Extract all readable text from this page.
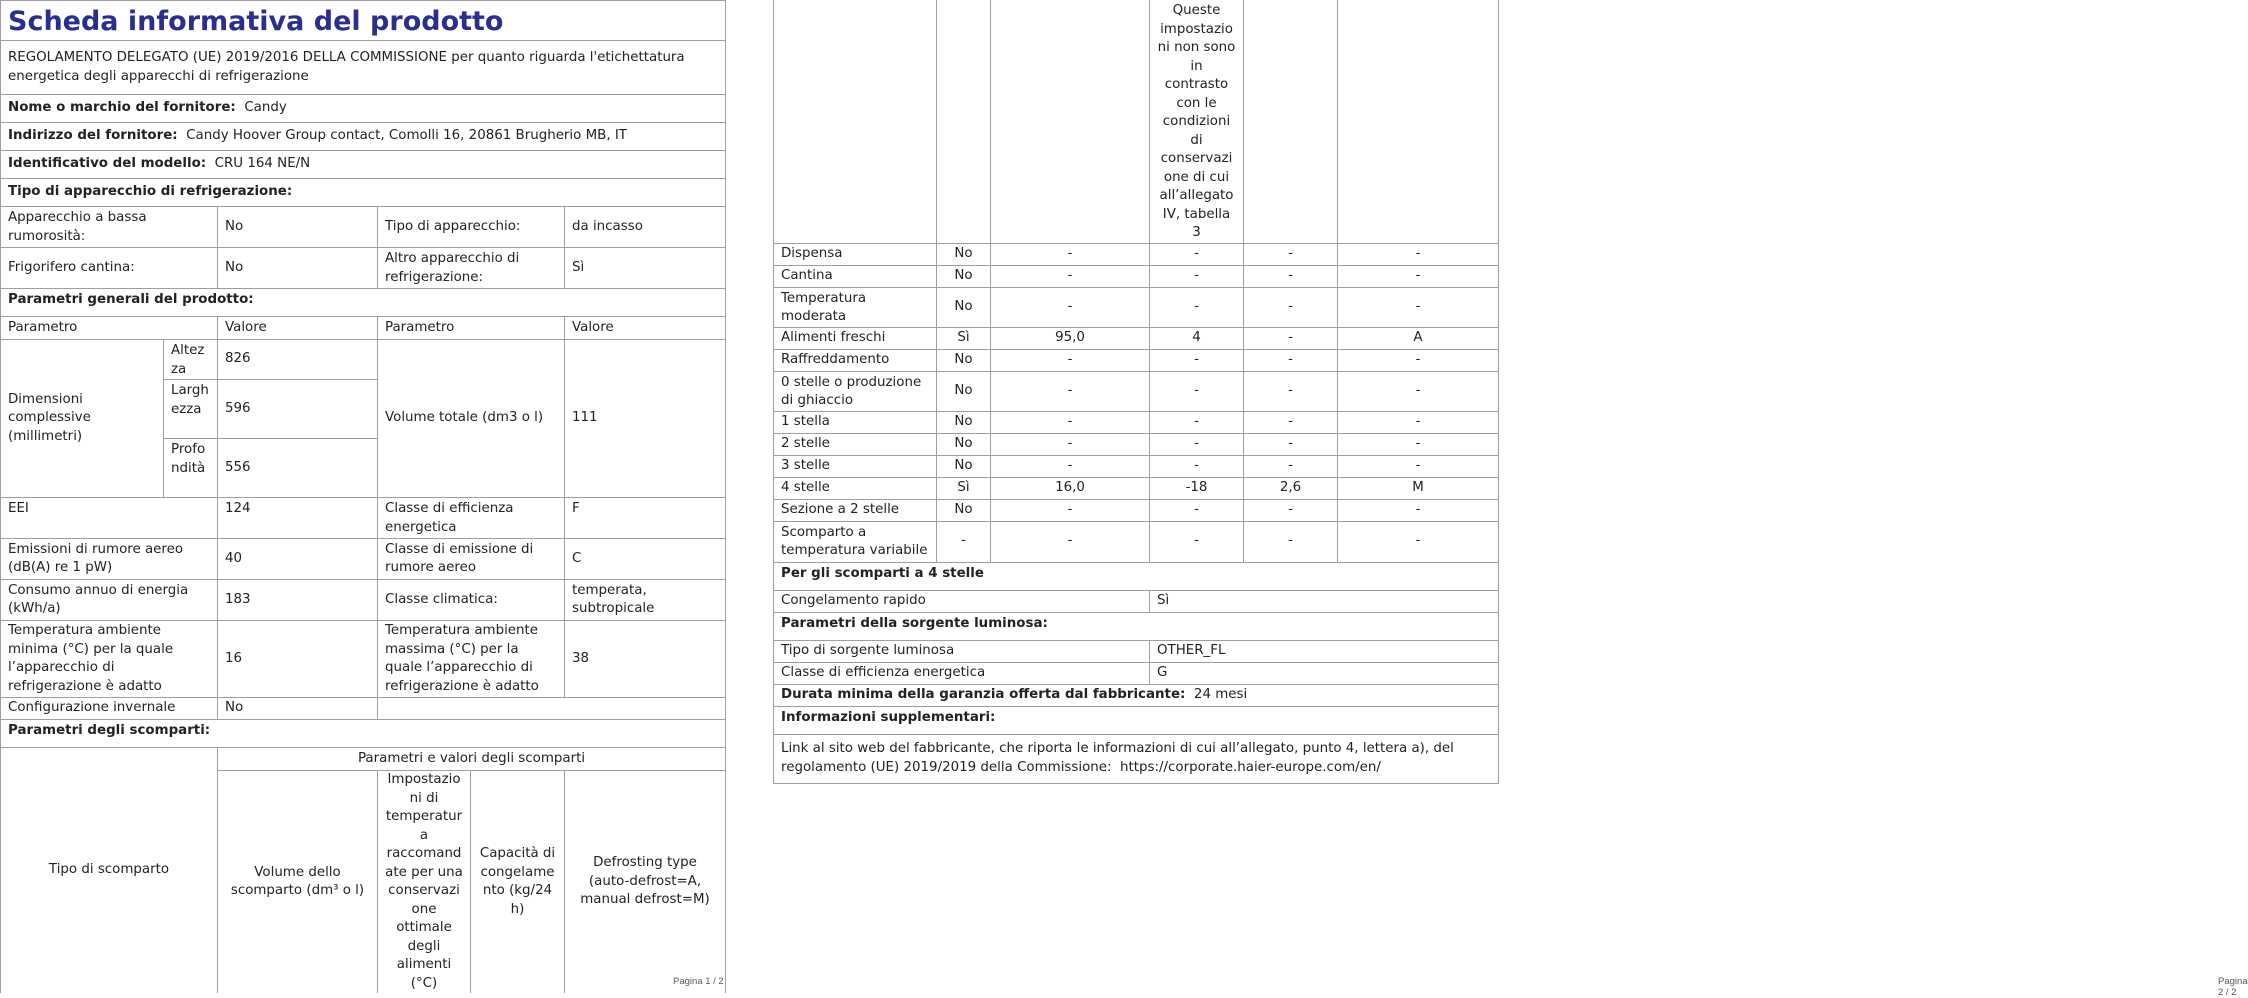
Scheda informativa del prodotto					
REGOLAMENTO DELEGATO (UE) 2019/2016 DELLA COMMISSIONE per quanto riguarda l'etichettatura energetica degli apparecchi di refrigerazione					
Nome o marchio del fornitore: Candy					
Indirizzo del fornitore: Candy Hoover Group contact, Comolli 16, 20861 Brugherio MB, IT					
Identificativo del modello: CRU 164 NE/N					
Tipo di apparecchio di refrigerazione:					
Apparecchio a bassa rumorosità:		No	Tipo di apparecchio:		da incasso
Frigorifero cantina:		No	Altro apparecchio di refrigerazione:		Sì
Parametri generali del prodotto:					
Parametro		Valore	Parametro		Valore
Dimensioni complessive (millimetri)	Altezza	826	Volume totale (dm3 o l)		111
	Larghezza	596			
	Profondità	556			
EEI		124	Classe di efficienza energetica		F
Emissioni di rumore aereo (dB(A) re 1 pW)		40	Classe di emissione di rumore aereo		C
Consumo annuo di energia (kWh/a)		183	Classe climatica:		temperata, subtropicale
Temperatura ambiente minima (°C) per la quale l’apparecchio di refrigerazione è adatto		16	Temperatura ambiente massima (°C) per la quale l’apparecchio di refrigerazione è adatto		38
Configurazione invernale		No			
Parametri degli scomparti:					
Tipo di scomparto		Parametri e valori degli scomparti			
		Volume dello scomparto (dm³ o l)	Impostazioni di temperatura raccomandate per una conservazione ottimale degli alimenti (°C)	Capacità di congelamento (kg/24 h)	Defrosting type (auto-defrost=A, manual defrost=M)
Pagina 1 / 2
			Queste impostazioni non sono in contrasto con le condizioni di conservazione di cui all’allegato IV, tabella 3		
Dispensa	No	-	-	-	-
Cantina	No	-	-	-	-
Temperatura moderata	No	-	-	-	-
Alimenti freschi	Sì	95,0	4	-	A
Raffreddamento	No	-	-	-	-
0 stelle o produzione di ghiaccio	No	-	-	-	-
1 stella	No	-	-	-	-
2 stelle	No	-	-	-	-
3 stelle	No	-	-	-	-
4 stelle	Sì	16,0	-18	2,6	M
Sezione a 2 stelle	No	-	-	-	-
Scomparto a temperatura variabile	-	-	-	-	-
Per gli scomparti a 4 stelle					
Congelamento rapido			Sì		
Parametri della sorgente luminosa:					
Tipo di sorgente luminosa			OTHER_FL		
Classe di efficienza energetica			G		
Durata minima della garanzia offerta dal fabbricante: 24 mesi					
Informazioni supplementari:					
Link al sito web del fabbricante, che riporta le informazioni di cui all’allegato, punto 4, lettera a), del regolamento (UE) 2019/2019 della Commissione: https://corporate.haier-europe.com/en/					
Pagina 2 / 2
